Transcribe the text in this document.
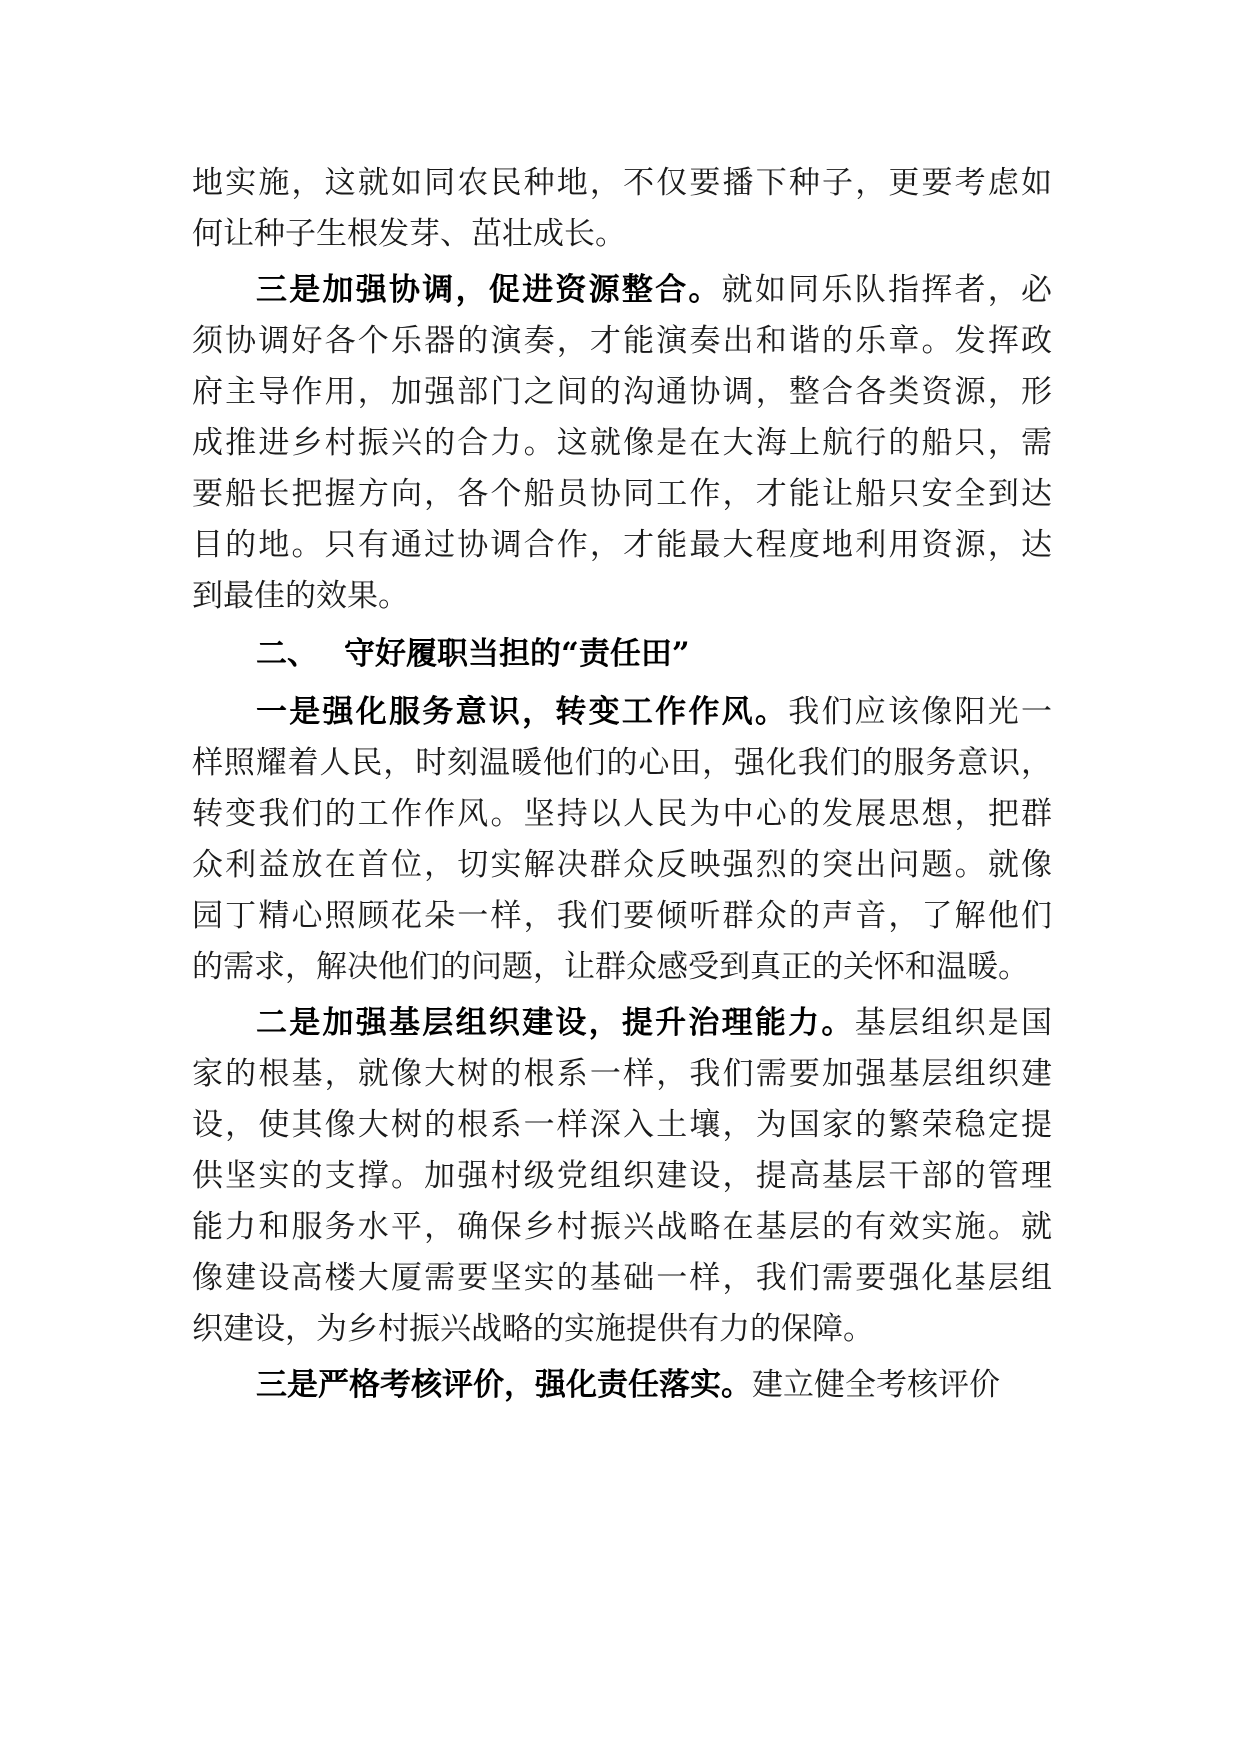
地实施，这就如同农民种地，不仅要播下种子，更要考虑如
何让种子生根发芽、茁壮成长。
三是加强协调，促进资源整合。就如同乐队指挥者，必
须协调好各个乐器的演奏，才能演奏出和谐的乐章。发挥政
府主导作用，加强部门之间的沟通协调，整合各类资源，形
成推进乡村振兴的合力。这就像是在大海上航行的船只，需
要船长把握方向，各个船员协同工作，才能让船只安全到达
目的地。只有通过协调合作，才能最大程度地利用资源，达
到最佳的效果。
二、 守好履职当担的“责任田”
一是强化服务意识，转变工作作风。我们应该像阳光一
样照耀着人民，时刻温暖他们的心田，强化我们的服务意识，
转变我们的工作作风。坚持以人民为中心的发展思想，把群
众利益放在首位，切实解决群众反映强烈的突出问题。就像
园丁精心照顾花朵一样，我们要倾听群众的声音，了解他们
的需求，解决他们的问题，让群众感受到真正的关怀和温暖。
二是加强基层组织建设，提升治理能力。基层组织是国
家的根基，就像大树的根系一样，我们需要加强基层组织建
设，使其像大树的根系一样深入土壤，为国家的繁荣稳定提
供坚实的支撑。加强村级党组织建设，提高基层干部的管理
能力和服务水平，确保乡村振兴战略在基层的有效实施。就
像建设高楼大厦需要坚实的基础一样，我们需要强化基层组
织建设，为乡村振兴战略的实施提供有力的保障。
三是严格考核评价，强化责任落实。建立健全考核评价
